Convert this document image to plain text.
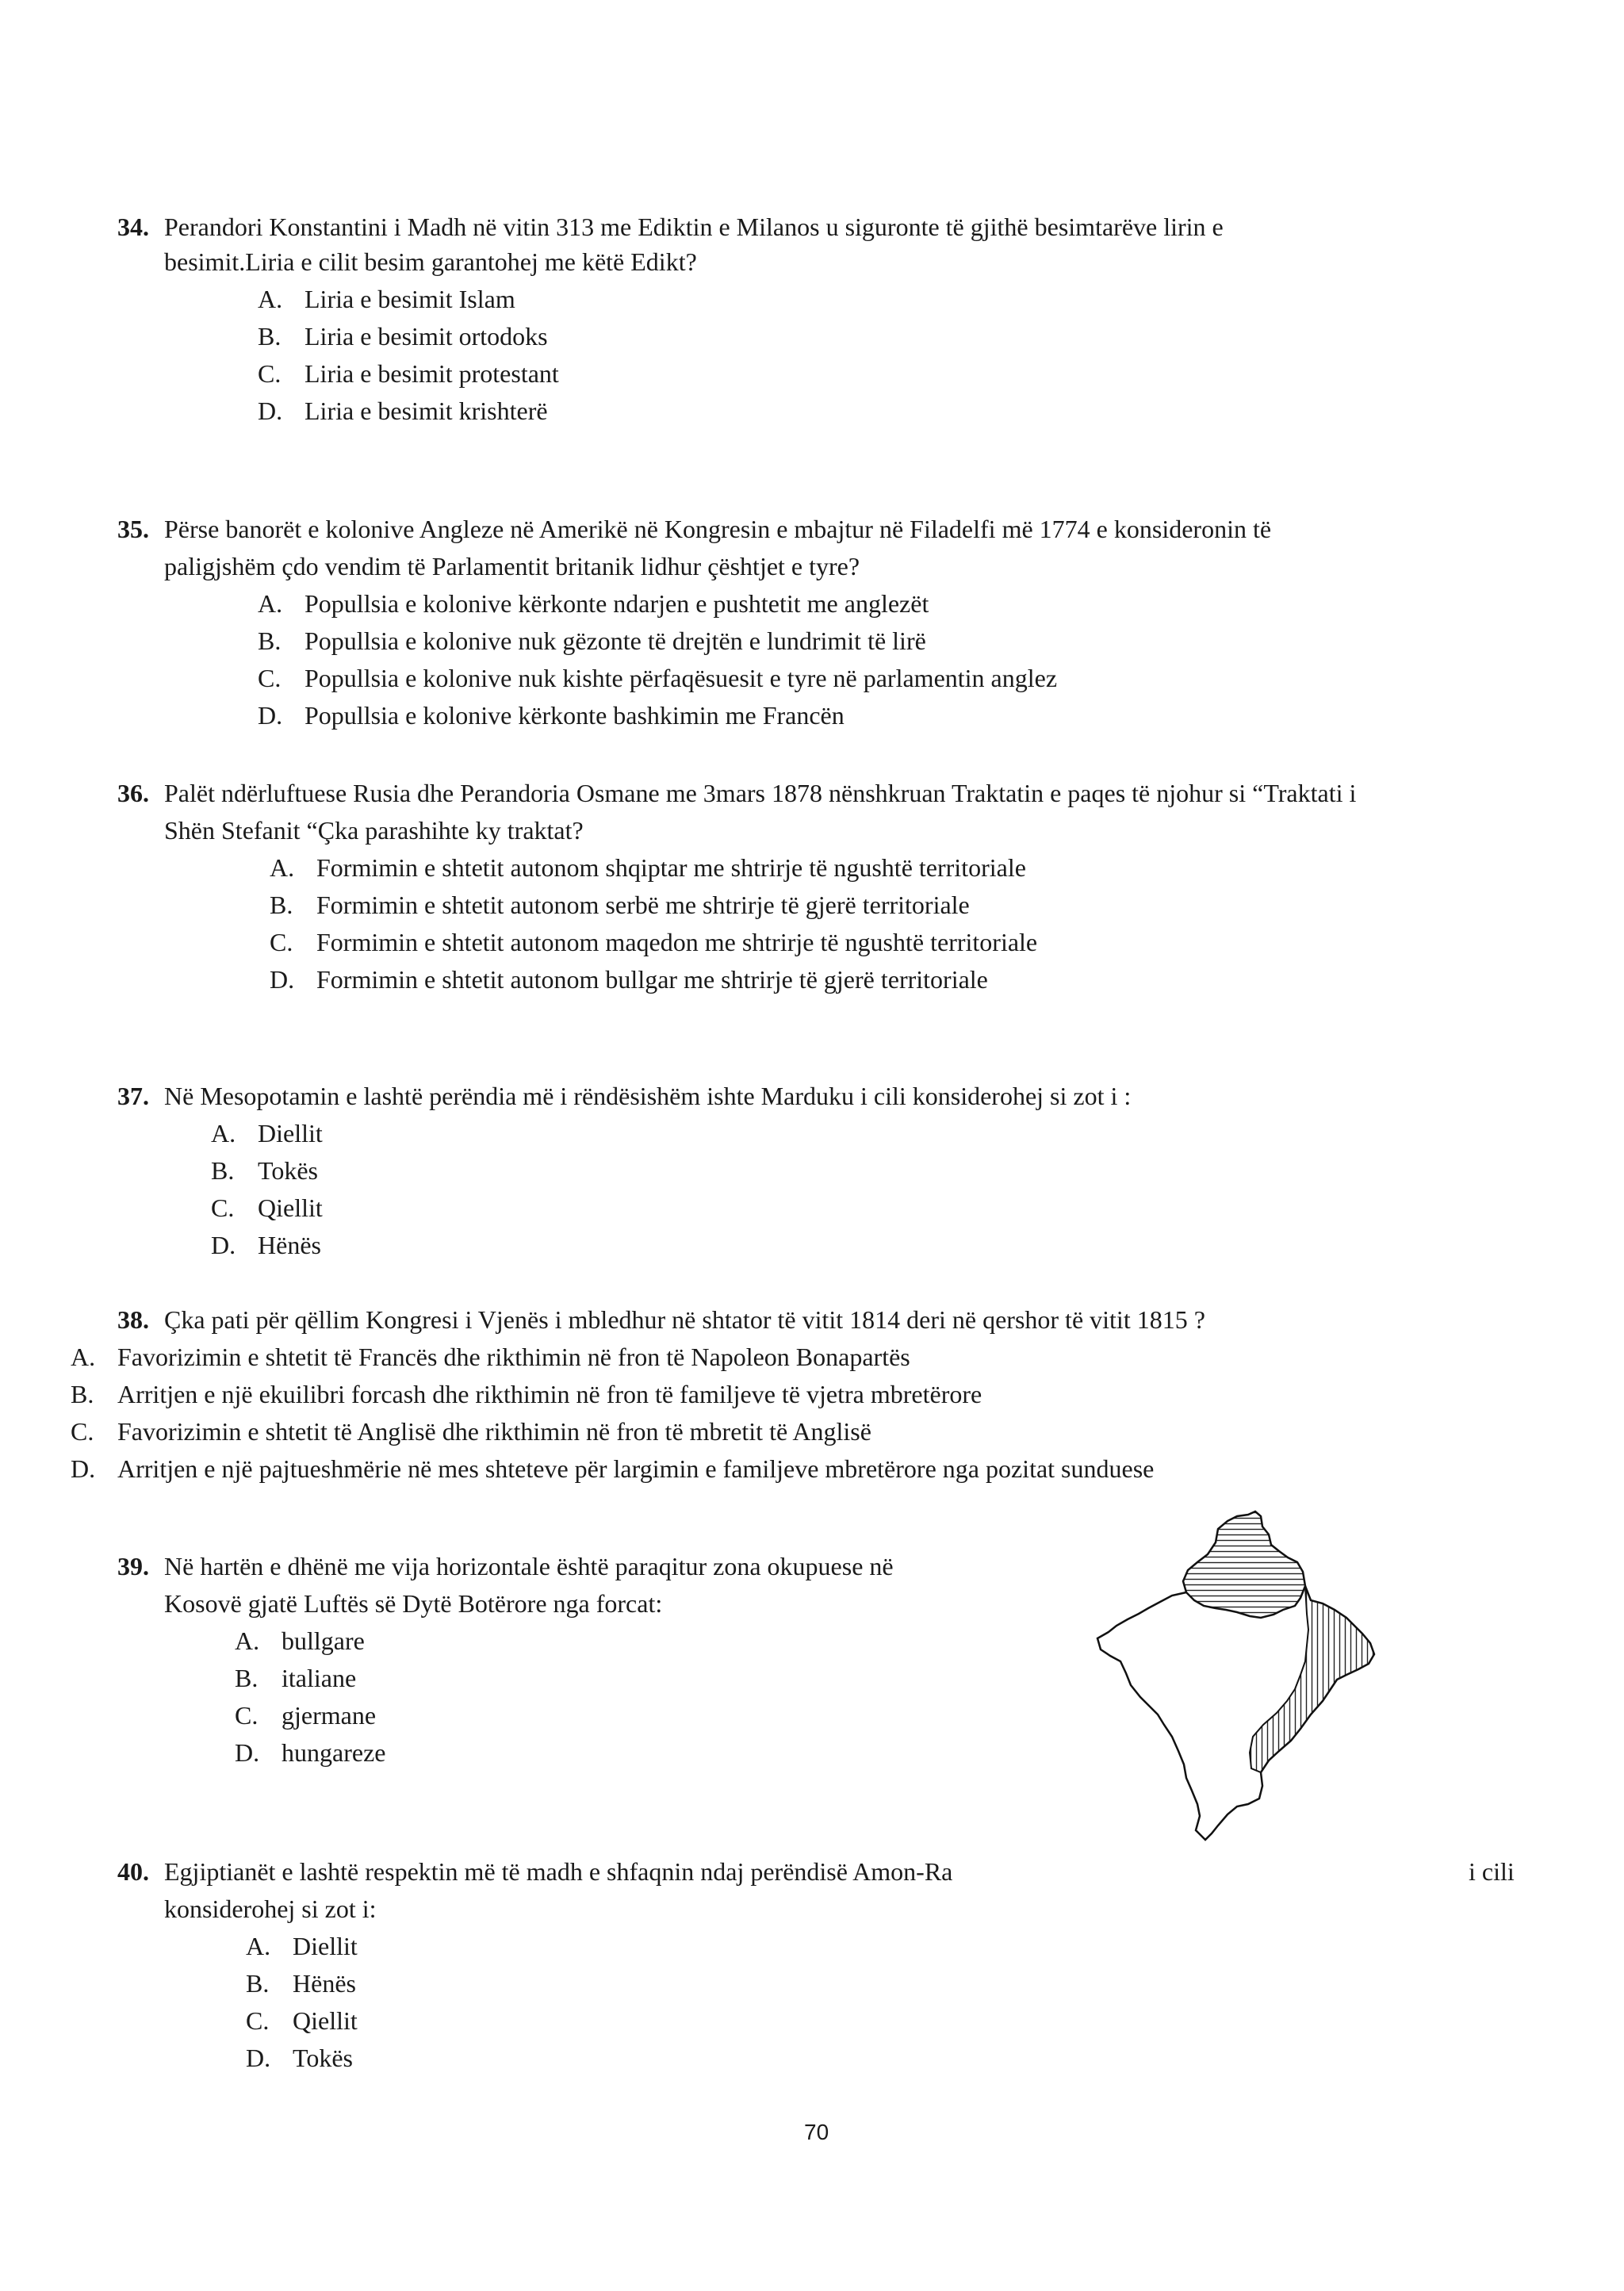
34. Perandori Konstantini i Madh në vitin 313 me Ediktin e Milanos u siguronte të gjithë besimtarëve lirin e
besimit.Liria e cilit besim garantohej me këtë Edikt?
A. Liria e besimit Islam
B. Liria e besimit ortodoks
C. Liria e besimit protestant
D. Liria e besimit krishterë
35. Përse banorët e kolonive Angleze në Amerikë në Kongresin e mbajtur në Filadelfi më 1774 e konsideronin të
paligjshëm çdo vendim të Parlamentit britanik lidhur çështjet e tyre?
A. Popullsia e kolonive kërkonte ndarjen e pushtetit me anglezët
B. Popullsia e kolonive nuk gëzonte të drejtën e lundrimit të lirë
C. Popullsia e kolonive nuk kishte përfaqësuesit e tyre në parlamentin anglez
D. Popullsia e kolonive kërkonte bashkimin me Francën
36. Palët ndërluftuese Rusia dhe Perandoria Osmane me 3mars 1878 nënshkruan Traktatin e paqes të njohur si “Traktati i
Shën Stefanit “Çka parashihte ky traktat?
A. Formimin e shtetit autonom shqiptar me shtrirje të ngushtë territoriale
B. Formimin e shtetit autonom serbë me shtrirje të gjerë territoriale
C. Formimin e shtetit autonom maqedon me shtrirje të ngushtë territoriale
D. Formimin e shtetit autonom bullgar me shtrirje të gjerë territoriale
37. Në Mesopotamin e lashtë perëndia më i rëndësishëm ishte Marduku i cili konsiderohej si zot i :
A. Diellit
B. Tokës
C. Qiellit
D. Hënës
38. Çka pati për qëllim Kongresi i Vjenës i mbledhur në shtator të vitit 1814 deri në qershor të vitit 1815 ?
A. Favorizimin e shtetit të Francës dhe rikthimin në fron të Napoleon Bonapartës
B. Arritjen e një ekuilibri forcash dhe rikthimin në fron të familjeve të vjetra mbretërore
C. Favorizimin e shtetit të Anglisë dhe rikthimin në fron të mbretit të Anglisë
D. Arritjen e një pajtueshmërie në mes shteteve për largimin e familjeve mbretërore nga pozitat sunduese
39. Në hartën e dhënë me vija horizontale është paraqitur zona okupuese në
Kosovë gjatë Luftës së Dytë Botërore nga forcat:
A. bullgare
B. italiane
C. gjermane
D. hungareze
40. Egjiptianët e lashtë respektin më të madh e shfaqnin ndaj perëndisë Amon-Ra	i cili
konsiderohej si zot i:
A. Diellit
B. Hënës
C. Qiellit
D. Tokës
70
